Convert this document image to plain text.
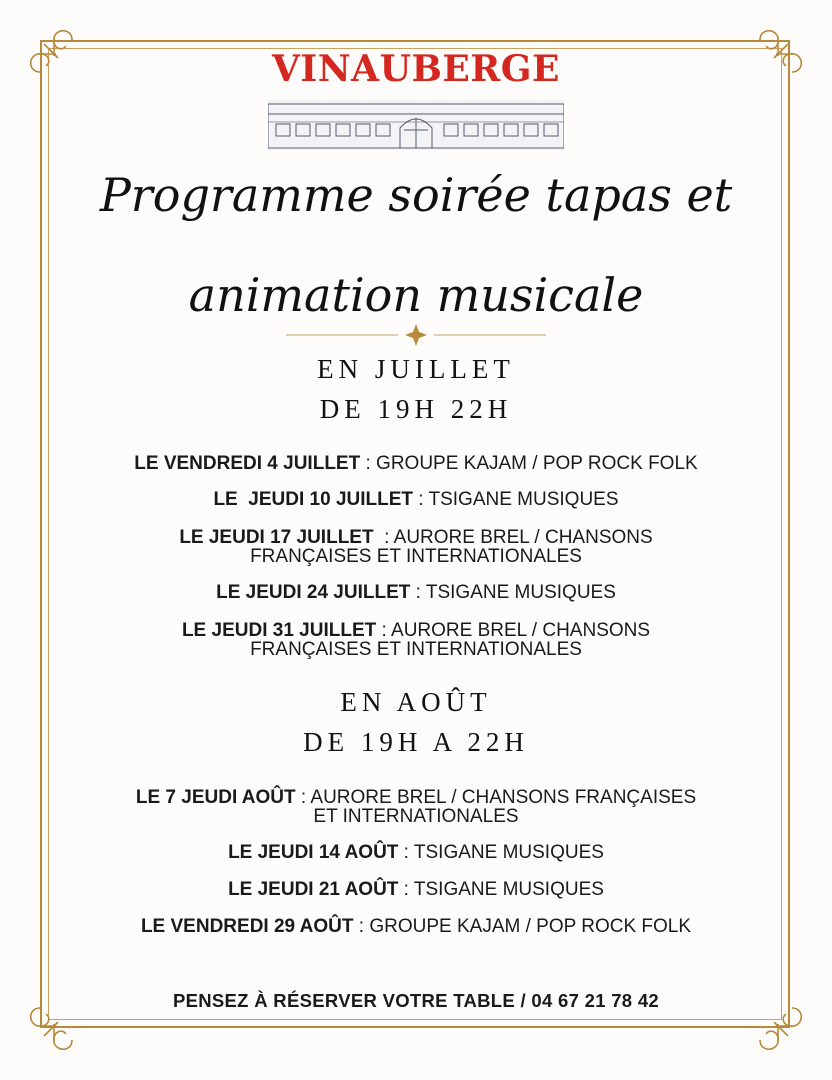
VINAUBERGE
Programme soirée tapas et
animation musicale
EN JUILLET
DE 19H 22H
LE VENDREDI 4 JUILLET : GROUPE KAJAM / POP ROCK FOLK
LE  JEUDI 10 JUILLET : TSIGANE MUSIQUES
LE JEUDI 17 JUILLET  : AURORE BREL / CHANSONS
FRANÇAISES ET INTERNATIONALES
LE JEUDI 24 JUILLET : TSIGANE MUSIQUES
LE JEUDI 31 JUILLET : AURORE BREL / CHANSONS
FRANÇAISES ET INTERNATIONALES
EN AOÛT
DE 19H A 22H
LE 7 JEUDI AOÛT : AURORE BREL / CHANSONS FRANÇAISES
ET INTERNATIONALES
LE JEUDI 14 AOÛT : TSIGANE MUSIQUES
LE JEUDI 21 AOÛT : TSIGANE MUSIQUES
LE VENDREDI 29 AOÛT : GROUPE KAJAM / POP ROCK FOLK
PENSEZ À RÉSERVER VOTRE TABLE / 04 67 21 78 42
